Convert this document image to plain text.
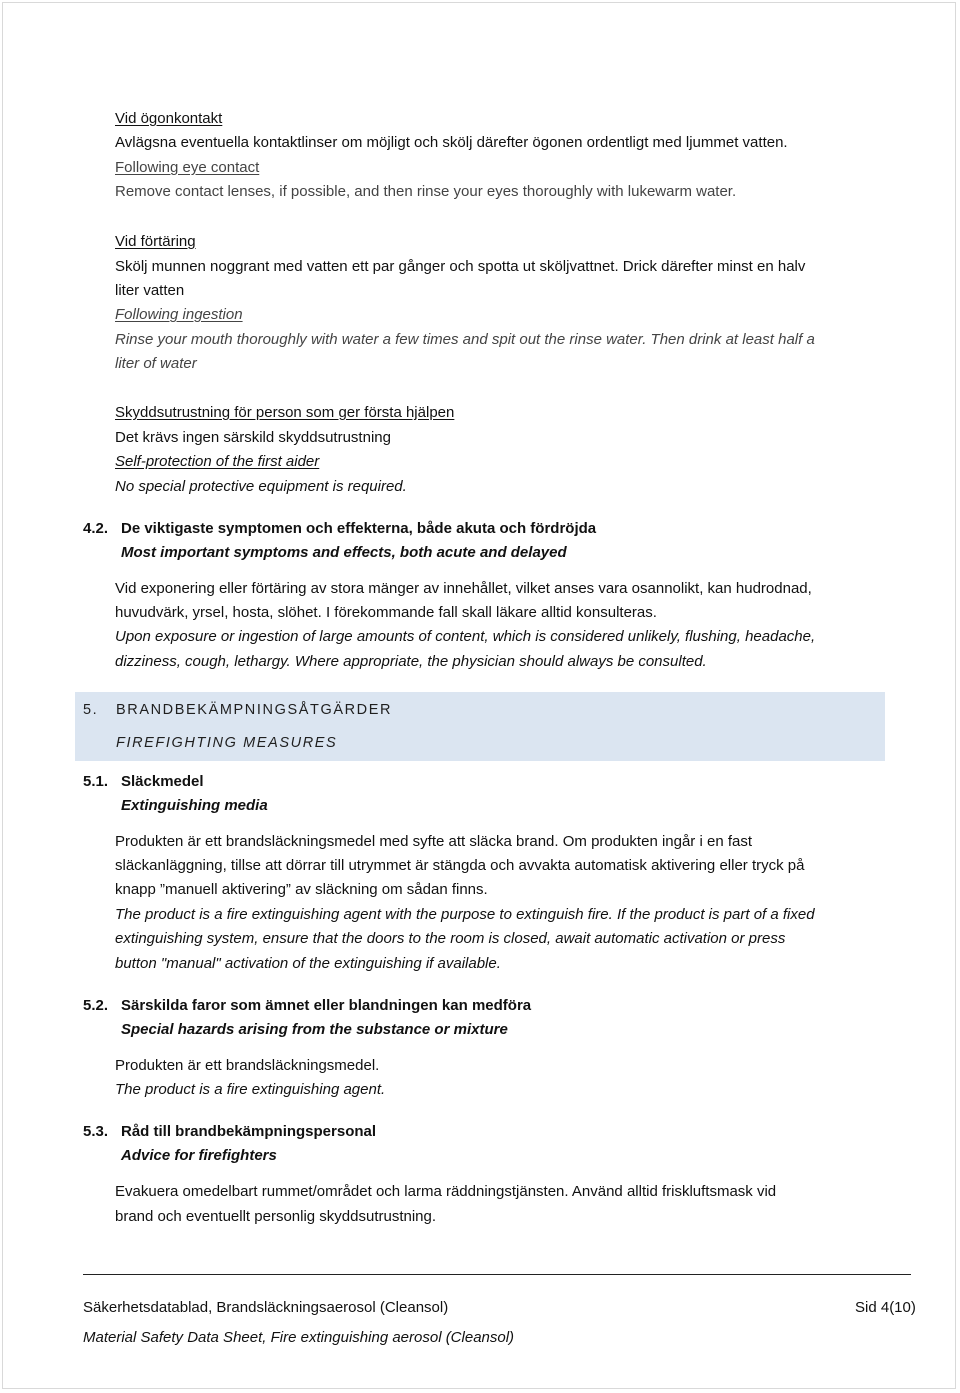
Vid ögonkontakt
Avlägsna eventuella kontaktlinser om möjligt och skölj därefter ögonen ordentligt med ljummet vatten.
Following eye contact
Remove contact lenses, if possible, and then rinse your eyes thoroughly with lukewarm water.
Vid förtäring
Skölj munnen noggrant med vatten ett par gånger och spotta ut sköljvattnet. Drick därefter minst en halv
liter vatten
Following ingestion
Rinse your mouth thoroughly with water a few times and spit out the rinse water. Then drink at least half a
liter of water
Skyddsutrustning för person som ger första hjälpen
Det krävs ingen särskild skyddsutrustning
Self-protection of the first aider
No special protective equipment is required.
4.2. De viktigaste symptomen och effekterna, både akuta och fördröjda
Most important symptoms and effects, both acute and delayed
Vid exponering eller förtäring av stora mänger av innehållet, vilket anses vara osannolikt, kan hudrodnad,
huvudvärk, yrsel, hosta, slöhet. I förekommande fall skall läkare alltid konsulteras.
Upon exposure or ingestion of large amounts of content, which is considered unlikely, flushing, headache,
dizziness, cough, lethargy. Where appropriate, the physician should always be consulted.
5. BRANDBEKÄMPNINGSÅTGÄRDER
FIREFIGHTING MEASURES
5.1. Släckmedel
Extinguishing media
Produkten är ett brandsläckningsmedel med syfte att släcka brand. Om produkten ingår i en fast
släckanläggning, tillse att dörrar till utrymmet är stängda och avvakta automatisk aktivering eller tryck på
knapp ”manuell aktivering” av släckning om sådan finns.
The product is a fire extinguishing agent with the purpose to extinguish fire. If the product is part of a fixed
extinguishing system, ensure that the doors to the room is closed, await automatic activation or press
button "manual" activation of the extinguishing if available.
5.2. Särskilda faror som ämnet eller blandningen kan medföra
Special hazards arising from the substance or mixture
Produkten är ett brandsläckningsmedel.
The product is a fire extinguishing agent.
5.3. Råd till brandbekämpningspersonal
Advice for firefighters
Evakuera omedelbart rummet/området och larma räddningstjänsten. Använd alltid friskluftsmask vid
brand och eventuellt personlig skyddsutrustning.
Säkerhetsdatablad, Brandsläckningsaerosol (Cleansol)	Sid 4(10)
Material Safety Data Sheet, Fire extinguishing aerosol (Cleansol)
